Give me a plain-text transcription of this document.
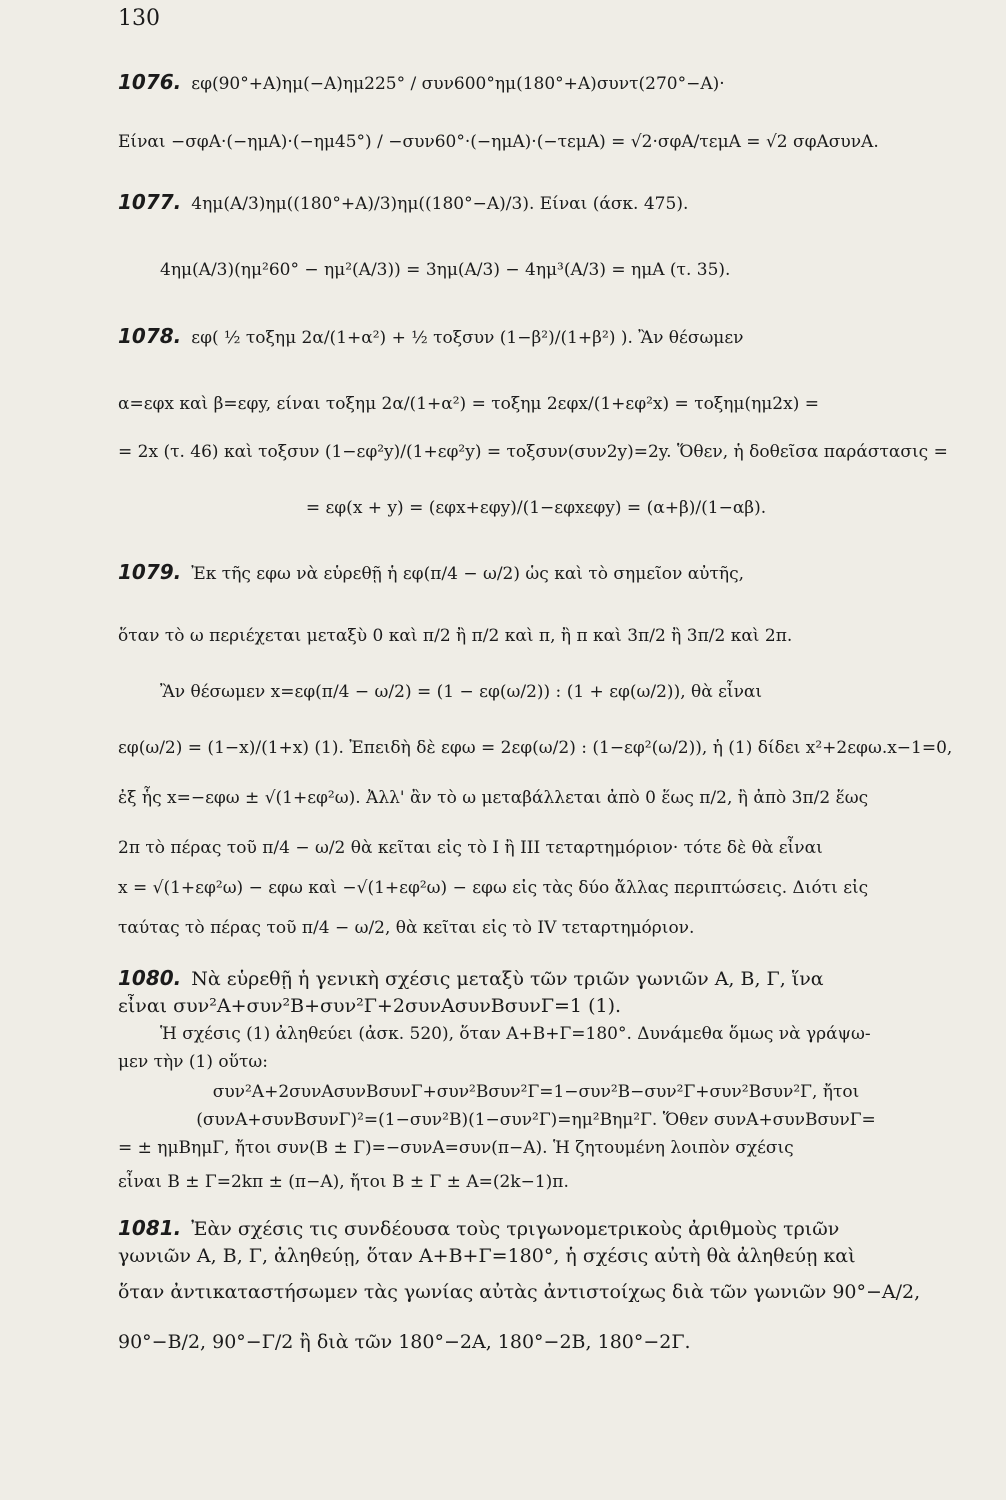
130
1076. εφ(90°+Α)ημ(−Α)ημ225° / συν600°ημ(180°+Α)συντ(270°−Α)·
Είναι −σφΑ·(−ημΑ)·(−ημ45°) / −συν60°·(−ημΑ)·(−τεμΑ) = √2·σφΑ/τεμΑ = √2 σφΑσυνΑ.
1077. 4ημ(Α/3)ημ((180°+Α)/3)ημ((180°−Α)/3). Είναι (άσκ. 475).
4ημ(Α/3)(ημ²60° − ημ²(Α/3)) = 3ημ(Α/3) − 4ημ³(Α/3) = ημΑ (τ. 35).
1078. εφ( ½ τοξημ 2α/(1+α²) + ½ τοξσυν (1−β²)/(1+β²) ). Ἂν θέσωμεν
α=εφx καὶ β=εφy, είναι τοξημ 2α/(1+α²) = τοξημ 2εφx/(1+εφ²x) = τοξημ(ημ2x) =
= 2x (τ. 46) καὶ τοξσυν (1−εφ²y)/(1+εφ²y) = τοξσυν(συν2y)=2y. Ὅθεν, ἡ δοθεῖσα παράστασις =
= εφ(x + y) = (εφx+εφy)/(1−εφxεφy) = (α+β)/(1−αβ).
1079. Ἐκ τῆς εφω νὰ εὑρεθῇ ἡ εφ(π/4 − ω/2) ὡς καὶ τὸ σημεῖον αὐτῆς,
ὅταν τὸ ω περιέχεται μεταξὺ 0 καὶ π/2 ἢ π/2 καὶ π, ἢ π καὶ 3π/2 ἢ 3π/2 καὶ 2π.
Ἂν θέσωμεν x=εφ(π/4 − ω/2) = (1 − εφ(ω/2)) : (1 + εφ(ω/2)), θὰ εἶναι
εφ(ω/2) = (1−x)/(1+x) (1). Ἐπειδὴ δὲ εφω = 2εφ(ω/2) : (1−εφ²(ω/2)), ἡ (1) δίδει x²+2εφω.x−1=0,
ἐξ ἧς x=−εφω ± √(1+εφ²ω). Ἀλλ' ἂν τὸ ω μεταβάλλεται ἀπὸ 0 ἕως π/2, ἢ ἀπὸ 3π/2 ἕως
2π τὸ πέρας τοῦ π/4 − ω/2 θὰ κεῖται εἰς τὸ I ἢ III τεταρτημόριον· τότε δὲ θὰ εἶναι
x = √(1+εφ²ω) − εφω καὶ −√(1+εφ²ω) − εφω εἰς τὰς δύο ἄλλας περιπτώσεις. Διότι εἰς
ταύτας τὸ πέρας τοῦ π/4 − ω/2, θὰ κεῖται εἰς τὸ IV τεταρτημόριον.
1080. Νὰ εὑρεθῇ ἡ γενικὴ σχέσις μεταξὺ τῶν τριῶν γωνιῶν Α, Β, Γ, ἵνα
εἶναι συν²Α+συν²Β+συν²Γ+2συνΑσυνΒσυνΓ=1 (1).
Ἡ σχέσις (1) ἀληθεύει (ἀσκ. 520), ὅταν Α+Β+Γ=180°. Δυνάμεθα ὅμως νὰ γράψω-
μεν τὴν (1) οὕτω:
συν²Α+2συνΑσυνΒσυνΓ+συν²Βσυν²Γ=1−συν²Β−συν²Γ+συν²Βσυν²Γ, ἤτοι
(συνΑ+συνΒσυνΓ)²=(1−συν²Β)(1−συν²Γ)=ημ²Βημ²Γ. Ὅθεν συνΑ+συνΒσυνΓ=
= ± ημΒημΓ, ἤτοι συν(Β ± Γ)=−συνΑ=συν(π−Α). Ἡ ζητουμένη λοιπὸν σχέσις
εἶναι Β ± Γ=2kπ ± (π−Α), ἤτοι Β ± Γ ± Α=(2k−1)π.
1081. Ἐὰν σχέσις τις συνδέουσα τοὺς τριγωνομετρικοὺς ἀριθμοὺς τριῶν
γωνιῶν Α, Β, Γ, ἀληθεύῃ, ὅταν Α+Β+Γ=180°, ἡ σχέσις αὐτὴ θὰ ἀληθεύῃ καὶ
ὅταν ἀντικαταστήσωμεν τὰς γωνίας αὐτὰς ἀντιστοίχως διὰ τῶν γωνιῶν 90°−Α/2,
90°−Β/2, 90°−Γ/2 ἢ διὰ τῶν 180°−2Α, 180°−2Β, 180°−2Γ.
